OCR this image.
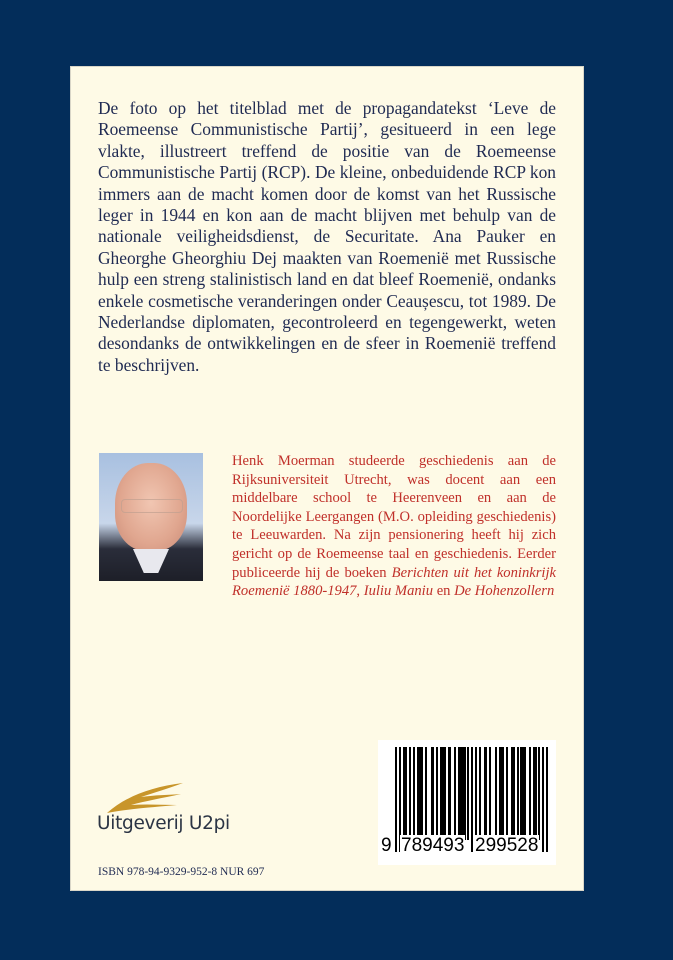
De foto op het titelblad met de propagandatekst ‘Leve de Roemeense Communistische Partij’, gesitueerd in een lege vlakte, illustreert treffend de positie van de Roemeense Communistische Partij (RCP). De kleine, onbeduidende RCP kon immers aan de macht komen door de komst van het Russische leger in 1944 en kon aan de macht blijven met behulp van de nationale veiligheidsdienst, de Securitate. Ana Pauker en Gheorghe Gheorghiu Dej maakten van Roemenië met Russische hulp een streng stalinistisch land en dat bleef Roemenië, ondanks enkele cosmetische veranderingen onder Ceaușescu, tot 1989. De Nederlandse diplomaten, gecontroleerd en tegengewerkt, weten desondanks de ontwikkelingen en de sfeer in Roemenië treffend te beschrijven.

Henk Moerman studeerde geschiedenis aan de Rijksuniversiteit Utrecht, was docent aan een middelbare school te Heerenveen en aan de Noordelijke Leergangen (M.O. opleiding geschiedenis) te Leeuwarden. Na zijn pensionering heeft hij zich gericht op de Roemeense taal en geschiedenis. Eerder publiceerde hij de boeken Berichten uit het koninkrijk Roemenië 1880-1947, Iuliu Maniu en De Hohenzollern

Uitgeverij U2pi
ISBN 978-94-9329-952-8 NUR 697
9 789493 299528
